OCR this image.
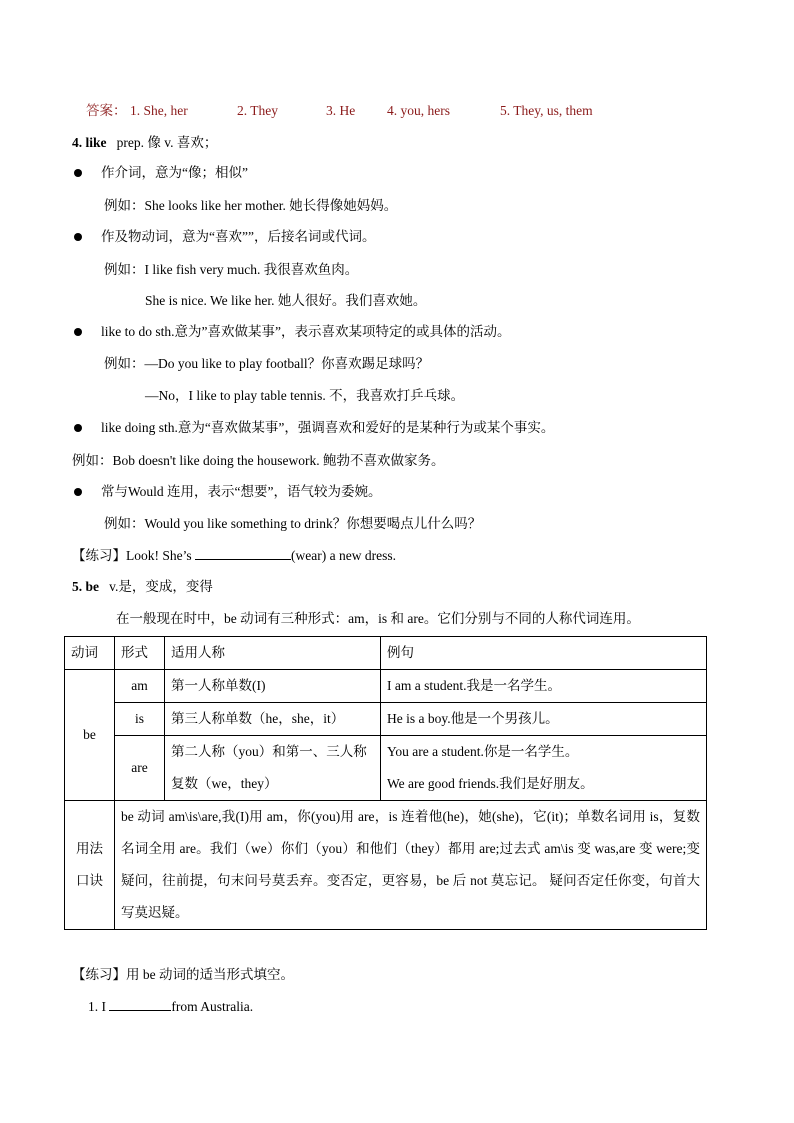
答案： 1. She, her	2. They	3. He 4. you, hers	5. They, us, them
4. like prep. 像 v. 喜欢；
作介词，意为“像；相似”
例如：She looks like her mother. 她长得像她妈妈。
作及物动词，意为“喜欢””，后接名词或代词。
例如：I like fish very much. 我很喜欢鱼肉。
She is nice. We like her. 她人很好。我们喜欢她。
like to do sth.意为”喜欢做某事”，表示喜欢某项特定的或具体的活动。
例如：—Do you like to play football？你喜欢踢足球吗？
—No，I like to play table tennis. 不，我喜欢打乒乓球。
like doing sth.意为“喜欢做某事”，强调喜欢和爱好的是某种行为或某个事实。
例如：Bob doesn't like doing the housework. 鲍勃不喜欢做家务。
常与Would 连用，表示“想要”，语气较为委婉。
例如：Would you like something to drink？你想要喝点儿什么吗？
【练习】Look! She’s	(wear) a new dress.
5. be v.是，变成，变得
在一般现在时中，be 动词有三种形式：am，is 和 are。它们分别与不同的人称代词连用。
动词	形式	适用人称	例句
be	am	第一人称单数(I)	I am a student.我是一名学生。
	is	第三人称单数（he，she，it）	He is a boy.他是一个男孩儿。
	are	第二人称（you）和第一、三人称复数（we，they）	You are a student.你是一名学生。
We are good friends.我们是好朋友。

用法口诀	be 动词 am\is\are,我(I)用 am，你(you)用 are，is 连着他(he)，她(she)，它(it)；单数名词用 is，复数名词全用 are。我们（we）你们（you）和他们（they）都用 are;过去式 am\is 变 was,are 变 were;变疑问，往前提，句末问号莫丢弃。变否定，更容易，be 后 not 莫忘记。 疑问否定任你变，句首大写莫迟疑。		
【练习】用 be 动词的适当形式填空。
1. I	from Australia.
